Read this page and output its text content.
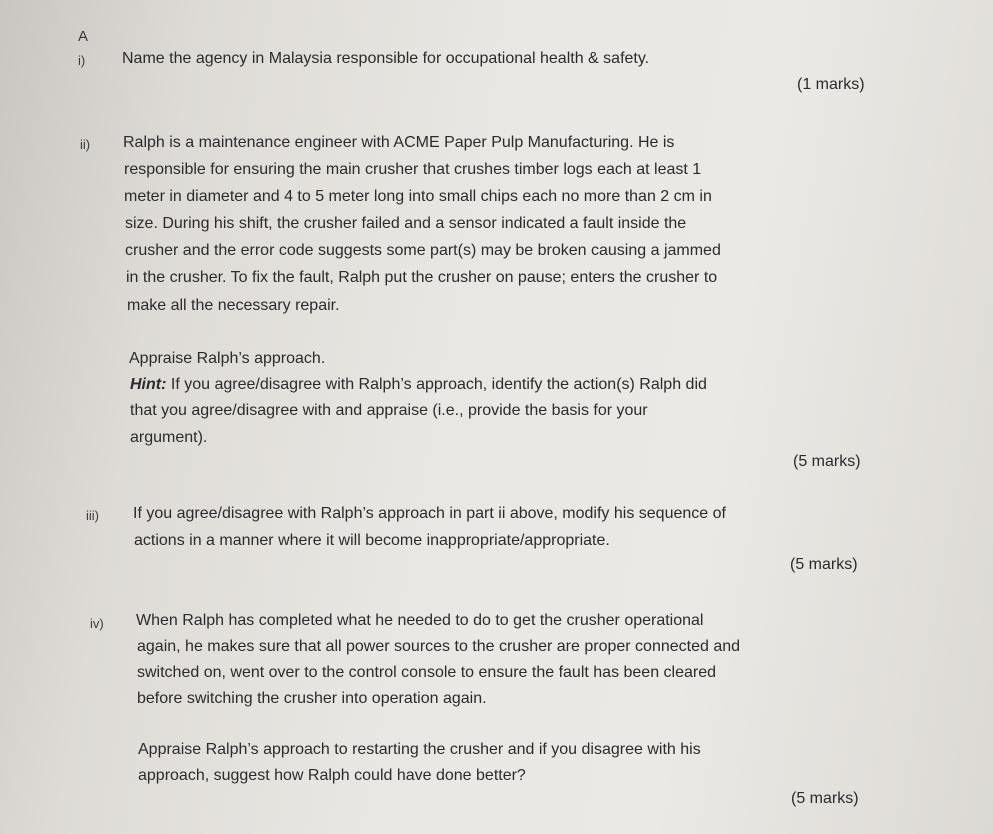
A
i) Name the agency in Malaysia responsible for occupational health & safety.
(1 marks)
ii) Ralph is a maintenance engineer with ACME Paper Pulp Manufacturing. He is
responsible for ensuring the main crusher that crushes timber logs each at least 1
meter in diameter and 4 to 5 meter long into small chips each no more than 2 cm in
size. During his shift, the crusher failed and a sensor indicated a fault inside the
crusher and the error code suggests some part(s) may be broken causing a jammed
in the crusher. To fix the fault, Ralph put the crusher on pause; enters the crusher to
make all the necessary repair.
Appraise Ralph’s approach.
Hint: If you agree/disagree with Ralph’s approach, identify the action(s) Ralph did
that you agree/disagree with and appraise (i.e., provide the basis for your
argument).
(5 marks)
iii) If you agree/disagree with Ralph’s approach in part ii above, modify his sequence of
actions in a manner where it will become inappropriate/appropriate.
(5 marks)
iv) When Ralph has completed what he needed to do to get the crusher operational
again, he makes sure that all power sources to the crusher are proper connected and
switched on, went over to the control console to ensure the fault has been cleared
before switching the crusher into operation again.
Appraise Ralph’s approach to restarting the crusher and if you disagree with his
approach, suggest how Ralph could have done better?
(5 marks)
